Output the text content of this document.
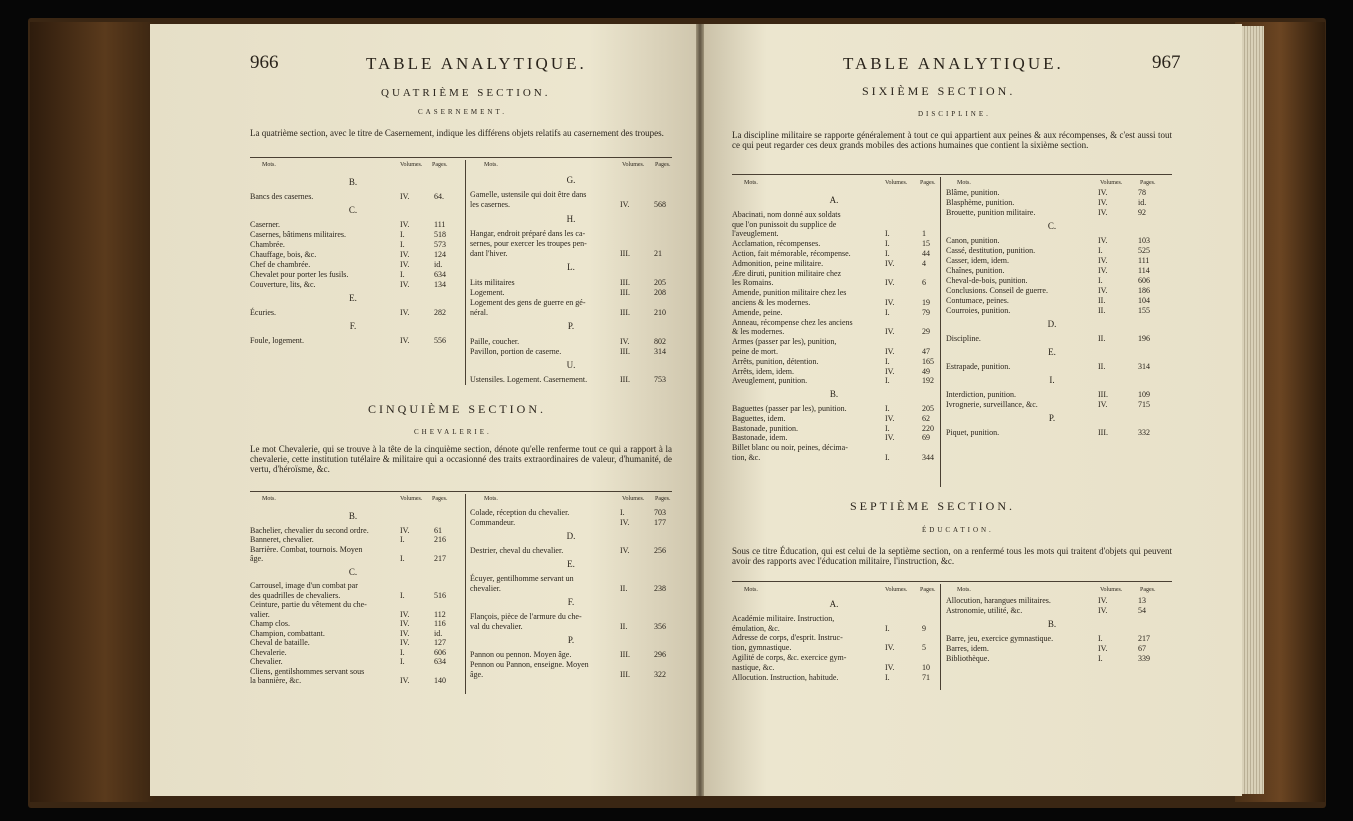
966	TABLE ANALYTIQUE.
QUATRIÈME SECTION.
CASERNEMENT.
La quatrième section, avec le titre de Casernement, indique les différens objets relatifs au casernement des troupes.
Mots.	Volumes. Pages.	Mots.	Volumes. Pages.
B.
Bancs des casernes.	IV.	64.
C.
Caserner.	IV.	111
Casernes, bâtimens militaires.	I.	518
Chambrée.	I.	573
Chauffage, bois, &c.	IV.	124
Chef de chambrée.	IV.	id.
Chevalet pour porter les fusils.	I.	634
Couverture, lits, &c.	IV.	134
E.
Écuries.	IV.	282
F.
Foule, logement.	IV.	556
G.
Gamelle, ustensile qui doit être dans
les casernes.	IV.	568
H.
Hangar, endroit préparé dans les ca-
sernes, pour exercer les troupes pen-
dant l'hiver.	III.	21
L.
Lits militaires	III.	205
Logement.	III.	208
Logement des gens de guerre en gé-
néral.	III.	210
P.
Paille, coucher.	IV.	802
Pavillon, portion de caserne.	III.	314
U.
Ustensiles. Logement. Casernement.	III.	753
CINQUIÈME SECTION.
CHEVALERIE.
Le mot Chevalerie, qui se trouve à la tête de la cinquième section, dénote qu'elle renferme tout ce qui a rapport à la chevalerie, cette institution tutélaire & militaire qui a occasionné des traits extraordinaires de valeur, d'humanité, de vertu, d'héroïsme, &c.
Mots.	Volumes. Pages.	Mots.	Volumes. Pages.
B.
Bachelier, chevalier du second ordre.	IV.	61
Banneret, chevalier.	I.	216
Barrière. Combat, tournois. Moyen
âge.	I.	217
C.
Carrousel, image d'un combat par
des quadrilles de chevaliers.	I.	516
Ceinture, partie du vêtement du che-
valier.	IV.	112
Champ clos.	IV.	116
Champion, combattant.	IV.	id.
Cheval de bataille.	IV.	127
Chevalerie.	I.	606
Chevalier.	I.	634
Cliens, gentilshommes servant sous
la bannière, &c.	IV.	140
Colade, réception du chevalier.	I.	703
Commandeur.	IV.	177
D.
Destrier, cheval du chevalier.	IV.	256
E.
Écuyer, gentilhomme servant un
chevalier.	II.	238
F.
Flançois, pièce de l'armure du che-
val du chevalier.	II.	356
P.
Pannon ou pennon. Moyen âge.	III.	296
Pennon ou Pannon, enseigne. Moyen
âge.	III.	322
TABLE ANALYTIQUE.	967
SIXIÈME SECTION.
DISCIPLINE.
La discipline militaire se rapporte généralement à tout ce qui appartient aux peines & aux récompenses, & c'est aussi tout ce qui peut regarder ces deux grands mobiles des actions humaines que contient la sixième section.
Mots.	Volumes. Pages.	Mots.	Volumes.	Pages.
A.
Abacinati, nom donné aux soldats
que l'on punissoit du supplice de
l'aveuglement.	I.	1
Acclamation, récompenses.	I.	15
Action, fait mémorable, récompense.	I.	44
Admonition, peine militaire.	IV.	4
Ære diruti, punition militaire chez
les Romains.	IV.	6
Amende, punition militaire chez les
anciens & les modernes.	IV.	19
Amende, peine.	I.	79
Anneau, récompense chez les anciens
& les modernes.	IV.	29
Armes (passer par les), punition,
peine de mort.	IV.	47
Arrêts, punition, détention.	I.	165
Arrêts, idem, idem.	IV.	49
Aveuglement, punition.	I.	192
B.
Baguettes (passer par les), punition.	I.	205
Baguettes, idem.	IV.	62
Bastonade, punition.	I.	220
Bastonade, idem.	IV.	69
Billet blanc ou noir, peines, décima-
tion, &c.	I.	344
Blâme, punition.	IV.	78
Blasphème, punition.	IV.	id.
Brouette, punition militaire.	IV.	92
C.
Canon, punition.	IV.	103
Cassé, destitution, punition.	I.	525
Casser, idem, idem.	IV.	111
Chaînes, punition.	IV.	114
Cheval-de-bois, punition.	I.	606
Conclusions. Conseil de guerre.	IV.	186
Contumace, peines.	II.	104
Courroies, punition.	II.	155
D.
Discipline.	II.	196
E.
Estrapade, punition.	II.	314
I.
Interdiction, punition.	III.	109
Ivrognerie, surveillance, &c.	IV.	715
P.
Piquet, punition.	III.	332
SEPTIÈME SECTION.
ÉDUCATION.
Sous ce titre Éducation, qui est celui de la septième section, on a renfermé tous les mots qui traitent d'objets qui peuvent avoir des rapports avec l'éducation militaire, l'instruction, &c.
Mots.	Volumes. Pages.	Mots.	Volumes.	Pages.
A.
Académie militaire. Instruction,
émulation, &c.	I.	9
Adresse de corps, d'esprit. Instruc-
tion, gymnastique.	IV.	5
Agilité de corps, &c. exercice gym-
nastique, &c.	IV.	10
Allocution. Instruction, habitude.	I.	71
Allocution, harangues militaires.	IV.	13
Astronomie, utilité, &c.	IV.	54
B.
Barre, jeu, exercice gymnastique.	I.	217
Barres, idem.	IV.	67
Bibliothèque.	I.	339
